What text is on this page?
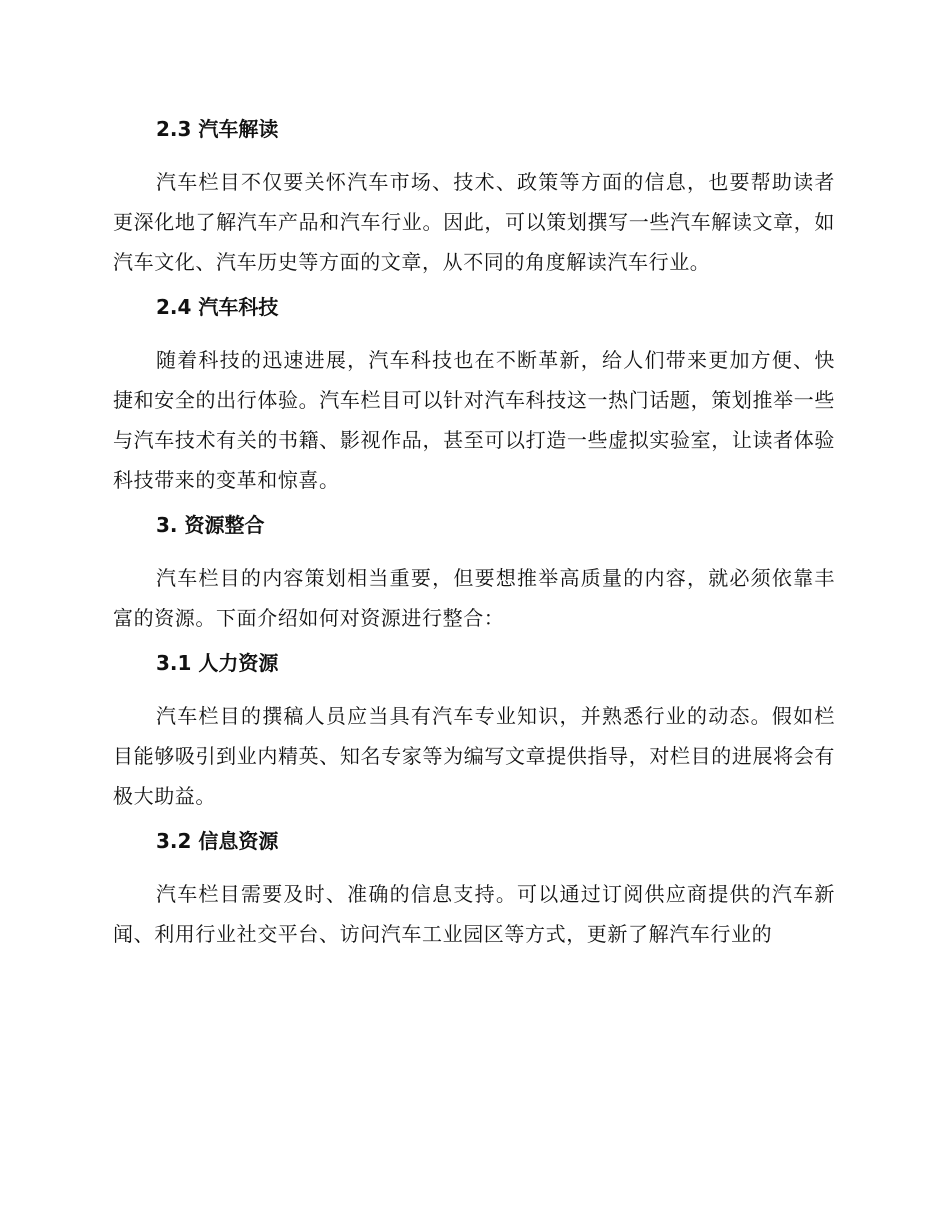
2.3 汽车解读

汽车栏目不仅要关怀汽车市场、技术、政策等方面的信息，也要帮助读者更深化地了解汽车产品和汽车行业。因此，可以策划撰写一些汽车解读文章，如汽车文化、汽车历史等方面的文章，从不同的角度解读汽车行业。

2.4 汽车科技

随着科技的迅速进展，汽车科技也在不断革新，给人们带来更加方便、快捷和安全的出行体验。汽车栏目可以针对汽车科技这一热门话题，策划推举一些与汽车技术有关的书籍、影视作品，甚至可以打造一些虚拟实验室，让读者体验科技带来的变革和惊喜。

3. 资源整合

汽车栏目的内容策划相当重要，但要想推举高质量的内容，就必须依靠丰富的资源。下面介绍如何对资源进行整合：

3.1 人力资源

汽车栏目的撰稿人员应当具有汽车专业知识，并熟悉行业的动态。假如栏目能够吸引到业内精英、知名专家等为编写文章提供指导，对栏目的进展将会有极大助益。

3.2 信息资源

汽车栏目需要及时、准确的信息支持。可以通过订阅供应商提供的汽车新闻、利用行业社交平台、访问汽车工业园区等方式，更新了解汽车行业的
